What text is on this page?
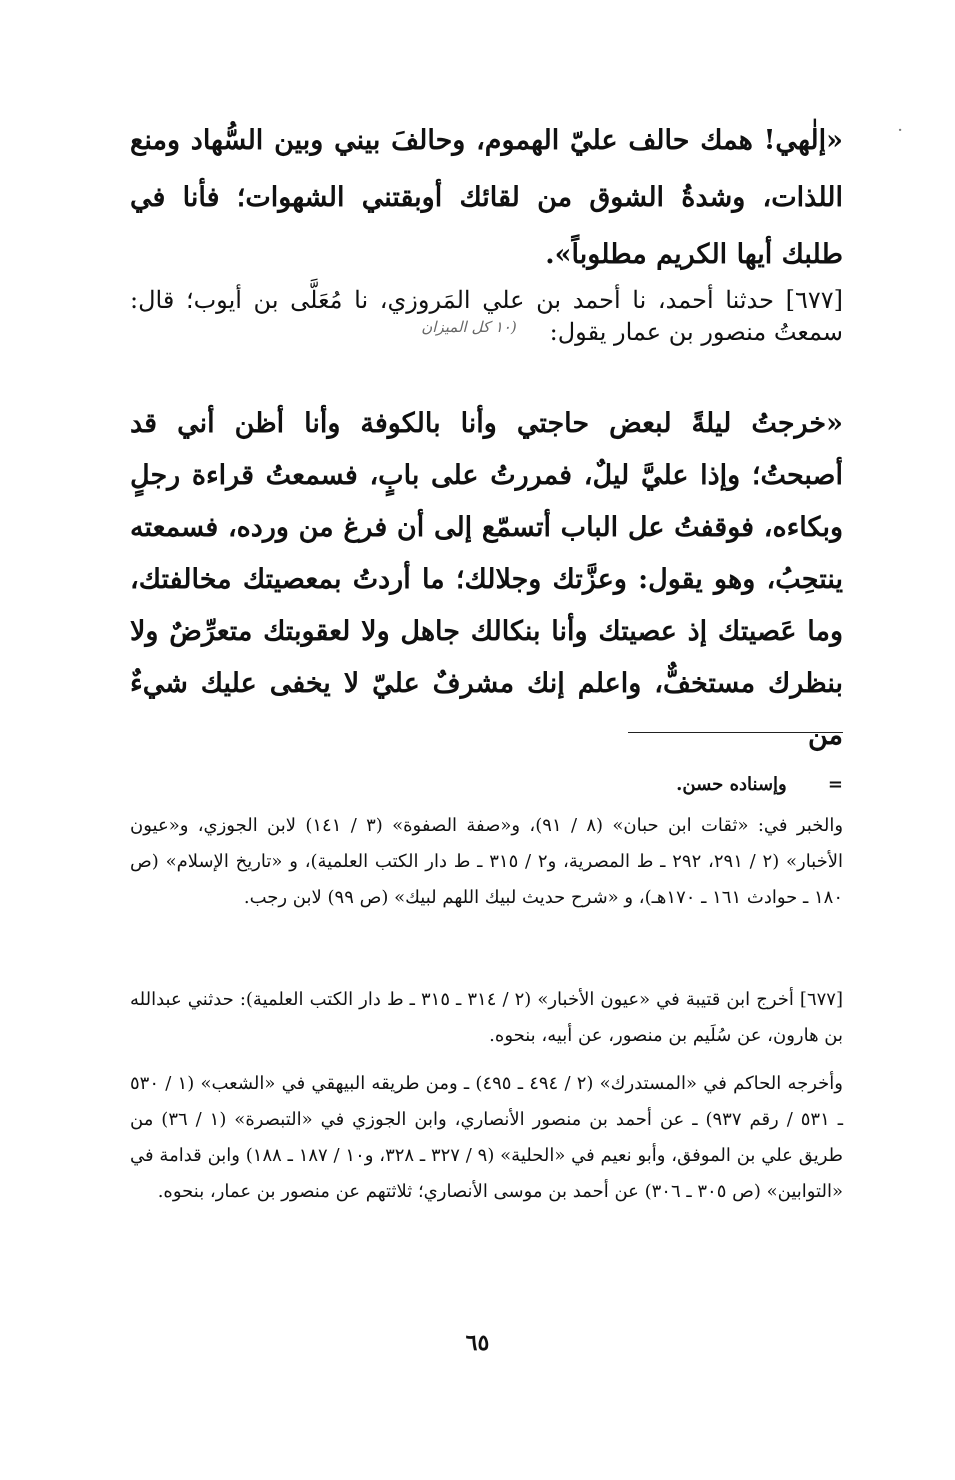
·

«إلٰهي! همك حالف عليّ الهموم، وحالفَ بيني وبين السُّهاد ومنع اللذات، وشدةُ الشوق من لقائك أوبقتني الشهوات؛ فأنا في طلبك أيها الكريم مطلوباً».

[٦٧٧] حدثنا أحمد، نا أحمد بن علي المَروزي، نا مُعَلَّى بن أيوب؛ قال: سمعتُ منصور بن عمار يقول:

(١٠ كل الميزان

«خرجتُ ليلةً لبعض حاجتي وأنا بالكوفة وأنا أظن أني قد أصبحتُ؛ وإذا عليَّ ليلٌ، فمررتُ على بابٍ، فسمعتُ قراءة رجلٍ وبكاءه، فوقفتُ عل الباب أتسمّع إلى أن فرغ من ورده، فسمعته ينتحِبُ، وهو يقول: وعزَّتك وجلالك؛ ما أردتُ بمعصيتك مخالفتك، وما عَصيتك إذ عصيتك وأنا بنكالك جاهل ولا لعقوبتك متعرِّضٌ ولا بنظرك مستخفٌّ، واعلم إنك مشرفٌ عليّ لا يخفى عليك شيءٌ من

= وإسناده حسن.

والخبر في: «ثقات ابن حبان» (٨ / ٩١)، و«صفة الصفوة» (٣ / ١٤١) لابن الجوزي، و«عيون الأخبار» (٢ / ٢٩١، ٢٩٢ ـ ط المصرية، و٢ / ٣١٥ ـ ط دار الكتب العلمية)، و «تاريخ الإسلام» (ص ١٨٠ ـ حوادث ١٦١ ـ ١٧٠هـ)، و «شرح حديث لبيك اللهم لبيك» (ص ٩٩) لابن رجب.

[٦٧٧] أخرج ابن قتيبة في «عيون الأخبار» (٢ / ٣١٤ ـ ٣١٥ ـ ط دار الكتب العلمية): حدثني عبدالله بن هارون، عن سُلَيم بن منصور، عن أبيه، بنحوه.

وأخرجه الحاكم في «المستدرك» (٢ / ٤٩٤ ـ ٤٩٥) ـ ومن طريقه البيهقي في «الشعب» (١ / ٥٣٠ ـ ٥٣١ / رقم ٩٣٧) ـ عن أحمد بن منصور الأنصاري، وابن الجوزي في «التبصرة» (١ / ٣٦) من طريق علي بن الموفق، وأبو نعيم في «الحلية» (٩ / ٣٢٧ ـ ٣٢٨، و١٠ / ١٨٧ ـ ١٨٨) وابن قدامة في «التوابين» (ص ٣٠٥ ـ ٣٠٦) عن أحمد بن موسى الأنصاري؛ ثلاثتهم عن منصور بن عمار، بنحوه.

٦٥
